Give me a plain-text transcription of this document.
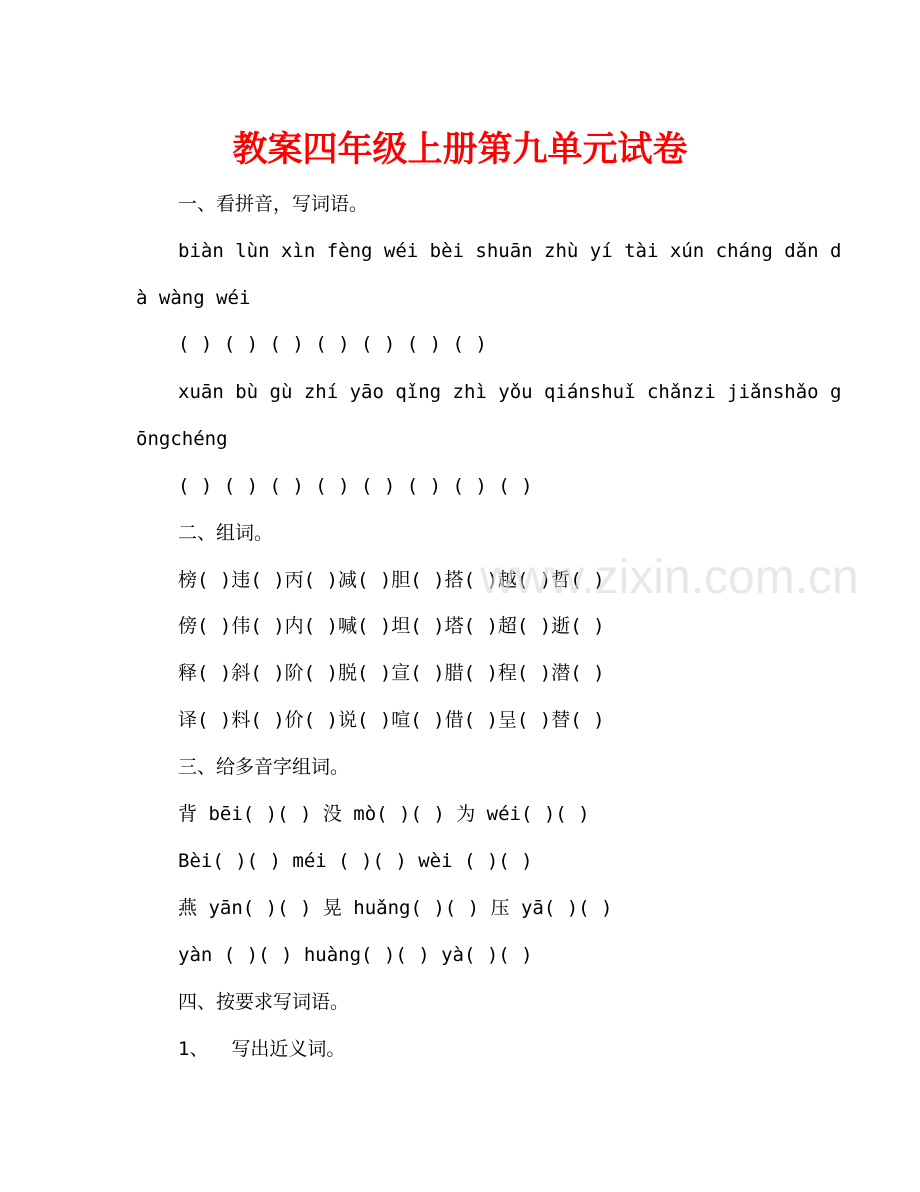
教案四年级上册第九单元试卷
一、看拼音，写词语。
biàn lùn xìn fèng wéi bèi shuān zhù yí tài xún cháng dǎn d
à wàng wéi
( ) ( ) ( ) ( ) ( ) ( ) ( )
xuān bù gù zhí yāo qǐng zhì yǒu qiánshuǐ chǎnzi jiǎnshǎo g
ōngchéng
( ) ( ) ( ) ( ) ( ) ( ) ( ) ( )
二、组词。
榜( )违( )丙( )减( )胆( )搭( )越( )哲( )
傍( )伟( )内( )喊( )坦( )塔( )超( )逝( )
释( )斜( )阶( )脱( )宣( )腊( )程( )潜( )
译( )料( )价( )说( )喧( )借( )呈( )替( )
三、给多音字组词。
背 bēi( )( ) 没 mò( )( ) 为 wéi( )( )
Bèi( )( ) méi ( )( ) wèi ( )( )
燕 yān( )( ) 晃 huǎng( )( ) 压 yā( )( )
yàn ( )( ) huàng( )( ) yà( )( )
四、按要求写词语。
1、  写出近义词。
www.zixin.com.cn
